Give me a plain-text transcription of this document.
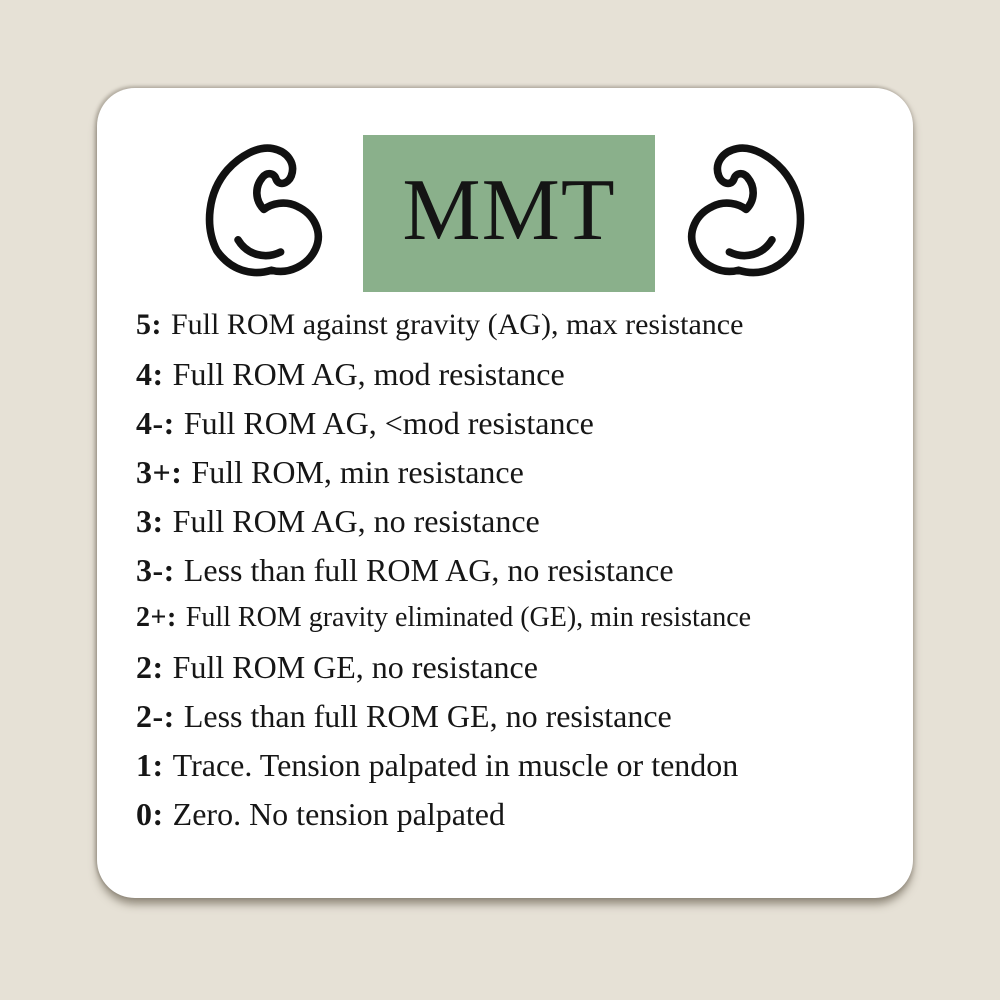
MMT
5: Full ROM against gravity (AG), max resistance
4: Full ROM AG, mod resistance
4-: Full ROM AG, <mod resistance
3+: Full ROM, min resistance
3: Full ROM AG, no resistance
3-: Less than full ROM AG, no resistance
2+: Full ROM gravity eliminated (GE), min resistance
2: Full ROM GE, no resistance
2-: Less than full ROM GE, no resistance
1: Trace. Tension palpated in muscle or tendon
0: Zero. No tension palpated
